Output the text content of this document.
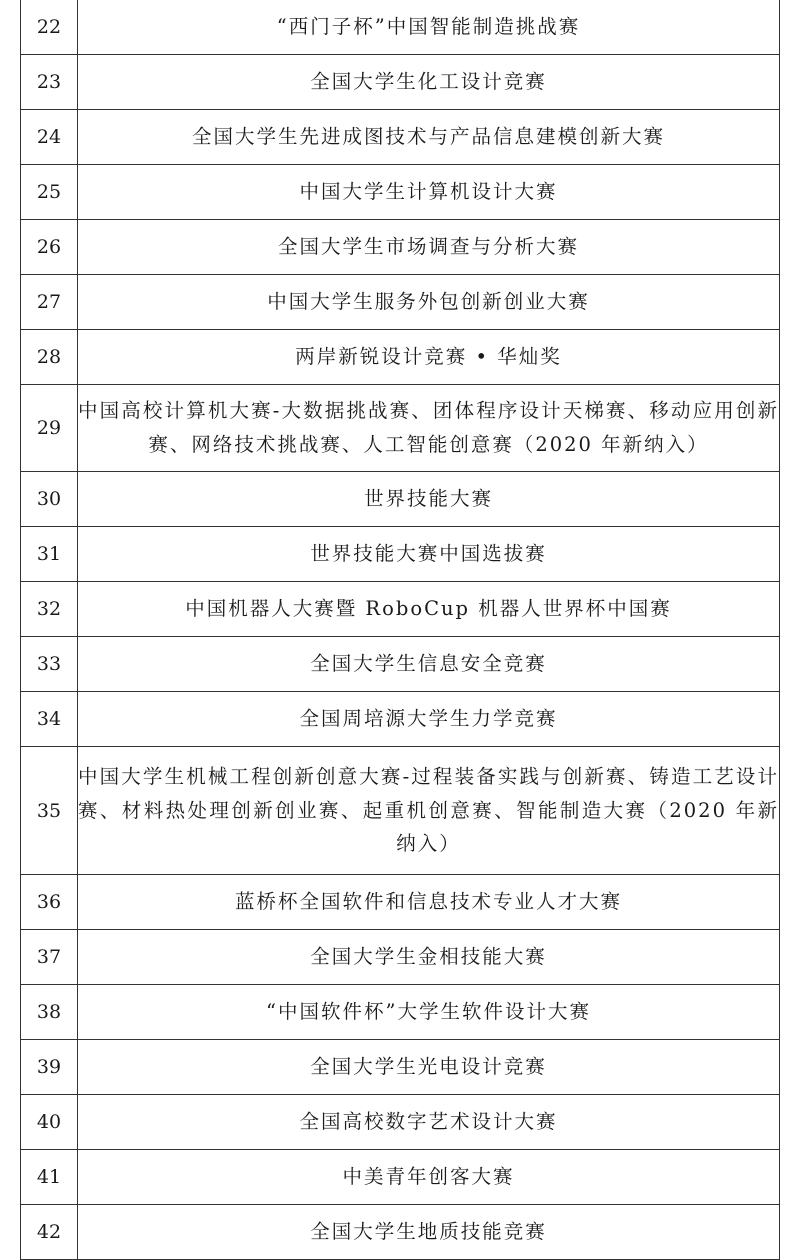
22	“西门子杯”中国智能制造挑战赛
23	全国大学生化工设计竞赛
24	全国大学生先进成图技术与产品信息建模创新大赛
25	中国大学生计算机设计大赛
26	全国大学生市场调查与分析大赛
27	中国大学生服务外包创新创业大赛
28	两岸新锐设计竞赛 • 华灿奖
29	中国高校计算机大赛-大数据挑战赛、团体程序设计天梯赛、移动应用创新赛、网络技术挑战赛、人工智能创意赛（2020 年新纳入）
30	世界技能大赛
31	世界技能大赛中国选拔赛
32	中国机器人大赛暨 RoboCup 机器人世界杯中国赛
33	全国大学生信息安全竞赛
34	全国周培源大学生力学竞赛
35	中国大学生机械工程创新创意大赛-过程装备实践与创新赛、铸造工艺设计赛、材料热处理创新创业赛、起重机创意赛、智能制造大赛（2020 年新纳入）
36	蓝桥杯全国软件和信息技术专业人才大赛
37	全国大学生金相技能大赛
38	“中国软件杯”大学生软件设计大赛
39	全国大学生光电设计竞赛
40	全国高校数字艺术设计大赛
41	中美青年创客大赛
42	全国大学生地质技能竞赛
